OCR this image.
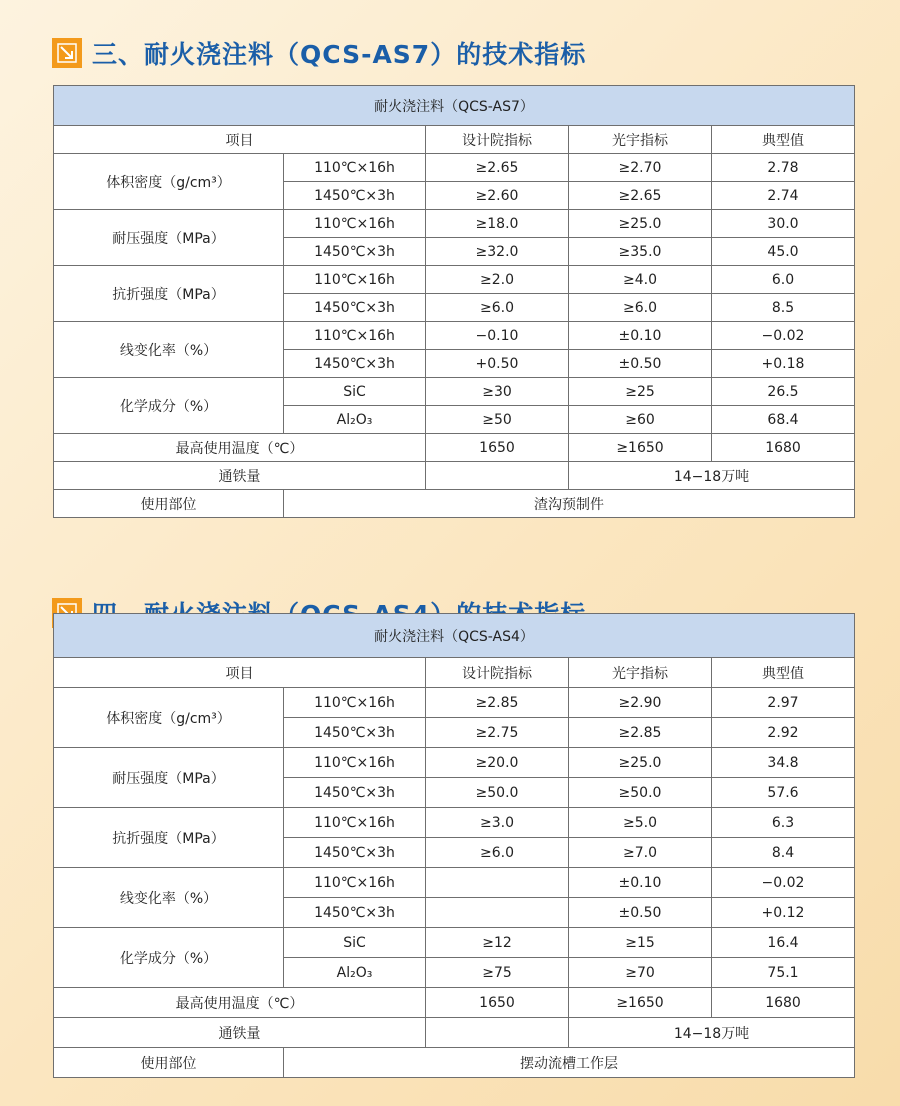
三、耐火浇注料（QCS-AS7）的技术指标
耐火浇注料（QCS-AS7）				
项目		设计院指标	光宇指标	典型值
体积密度（g/cm³）	110℃×16h	≥2.65	≥2.70	2.78
	1450℃×3h	≥2.60	≥2.65	2.74
耐压强度（MPa）	110℃×16h	≥18.0	≥25.0	30.0
	1450℃×3h	≥32.0	≥35.0	45.0
抗折强度（MPa）	110℃×16h	≥2.0	≥4.0	6.0
	1450℃×3h	≥6.0	≥6.0	8.5
线变化率（%）	110℃×16h	−0.10	±0.10	−0.02
	1450℃×3h	+0.50	±0.50	+0.18
化学成分（%）	SiC	≥30	≥25	26.5
	Al₂O₃	≥50	≥60	68.4
最高使用温度（℃）		1650	≥1650	1680
通铁量			14−18万吨	
使用部位	渣沟预制件			
耐火浇注料（QCS-AS4）				
项目		设计院指标	光宇指标	典型值
体积密度（g/cm³）	110℃×16h	≥2.85	≥2.90	2.97
	1450℃×3h	≥2.75	≥2.85	2.92
耐压强度（MPa）	110℃×16h	≥20.0	≥25.0	34.8
	1450℃×3h	≥50.0	≥50.0	57.6
抗折强度（MPa）	110℃×16h	≥3.0	≥5.0	6.3
	1450℃×3h	≥6.0	≥7.0	8.4
线变化率（%）	110℃×16h		±0.10	−0.02
	1450℃×3h		±0.50	+0.12
化学成分（%）	SiC	≥12	≥15	16.4
	Al₂O₃	≥75	≥70	75.1
最高使用温度（℃）		1650	≥1650	1680
通铁量			14−18万吨	
使用部位	摆动流槽工作层			
